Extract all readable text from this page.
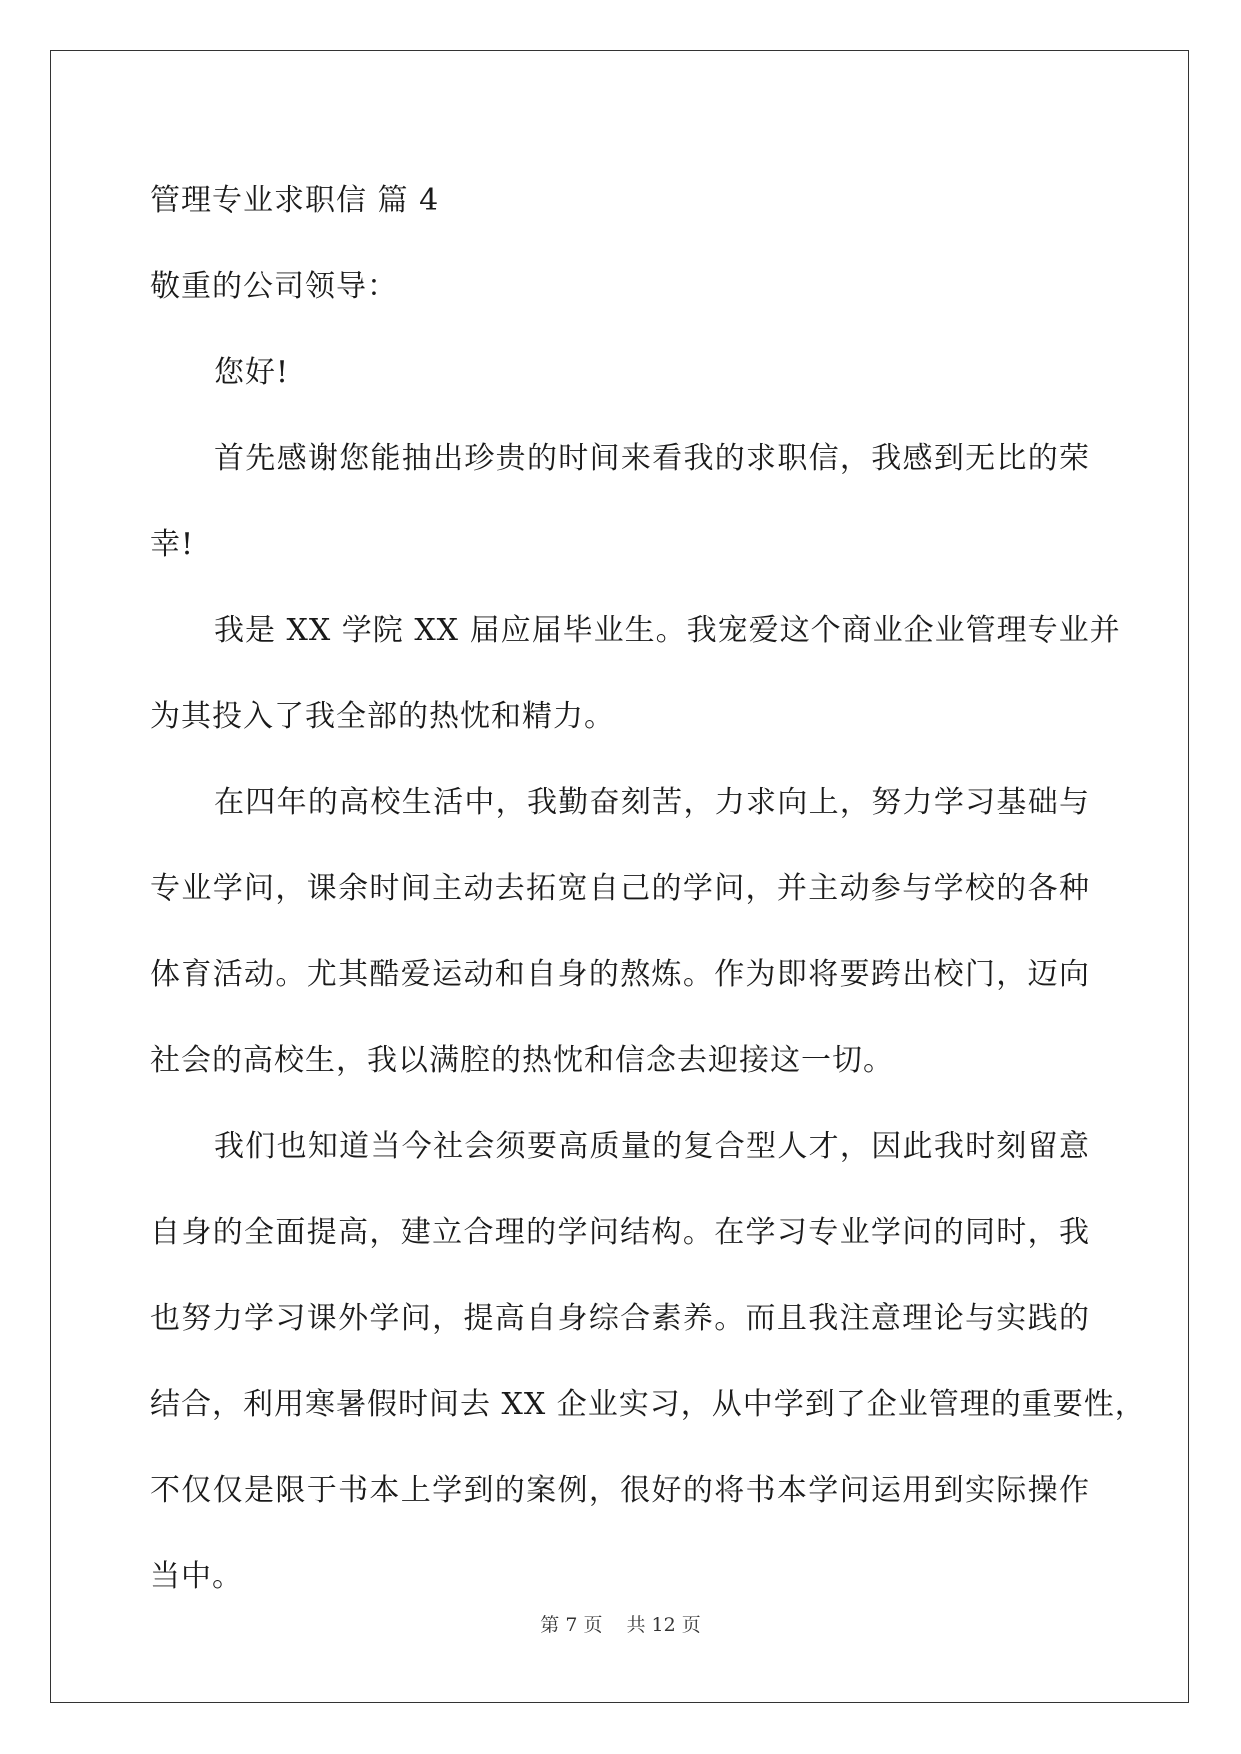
管理专业求职信 篇 4
敬重的公司领导：
您好!
首先感谢您能抽出珍贵的时间来看我的求职信，我感到无比的荣
幸!
我是 XX 学院 XX 届应届毕业生。我宠爱这个商业企业管理专业并
为其投入了我全部的热忱和精力。
在四年的高校生活中，我勤奋刻苦，力求向上，努力学习基础与
专业学问，课余时间主动去拓宽自己的学问，并主动参与学校的各种
体育活动。尤其酷爱运动和自身的熬炼。作为即将要跨出校门，迈向
社会的高校生，我以满腔的热忱和信念去迎接这一切。
我们也知道当今社会须要高质量的复合型人才，因此我时刻留意
自身的全面提高，建立合理的学问结构。在学习专业学问的同时，我
也努力学习课外学问，提高自身综合素养。而且我注意理论与实践的
结合，利用寒暑假时间去 XX 企业实习，从中学到了企业管理的重要性，
不仅仅是限于书本上学到的案例，很好的将书本学问运用到实际操作
当中。
第 7 页 共 12 页
